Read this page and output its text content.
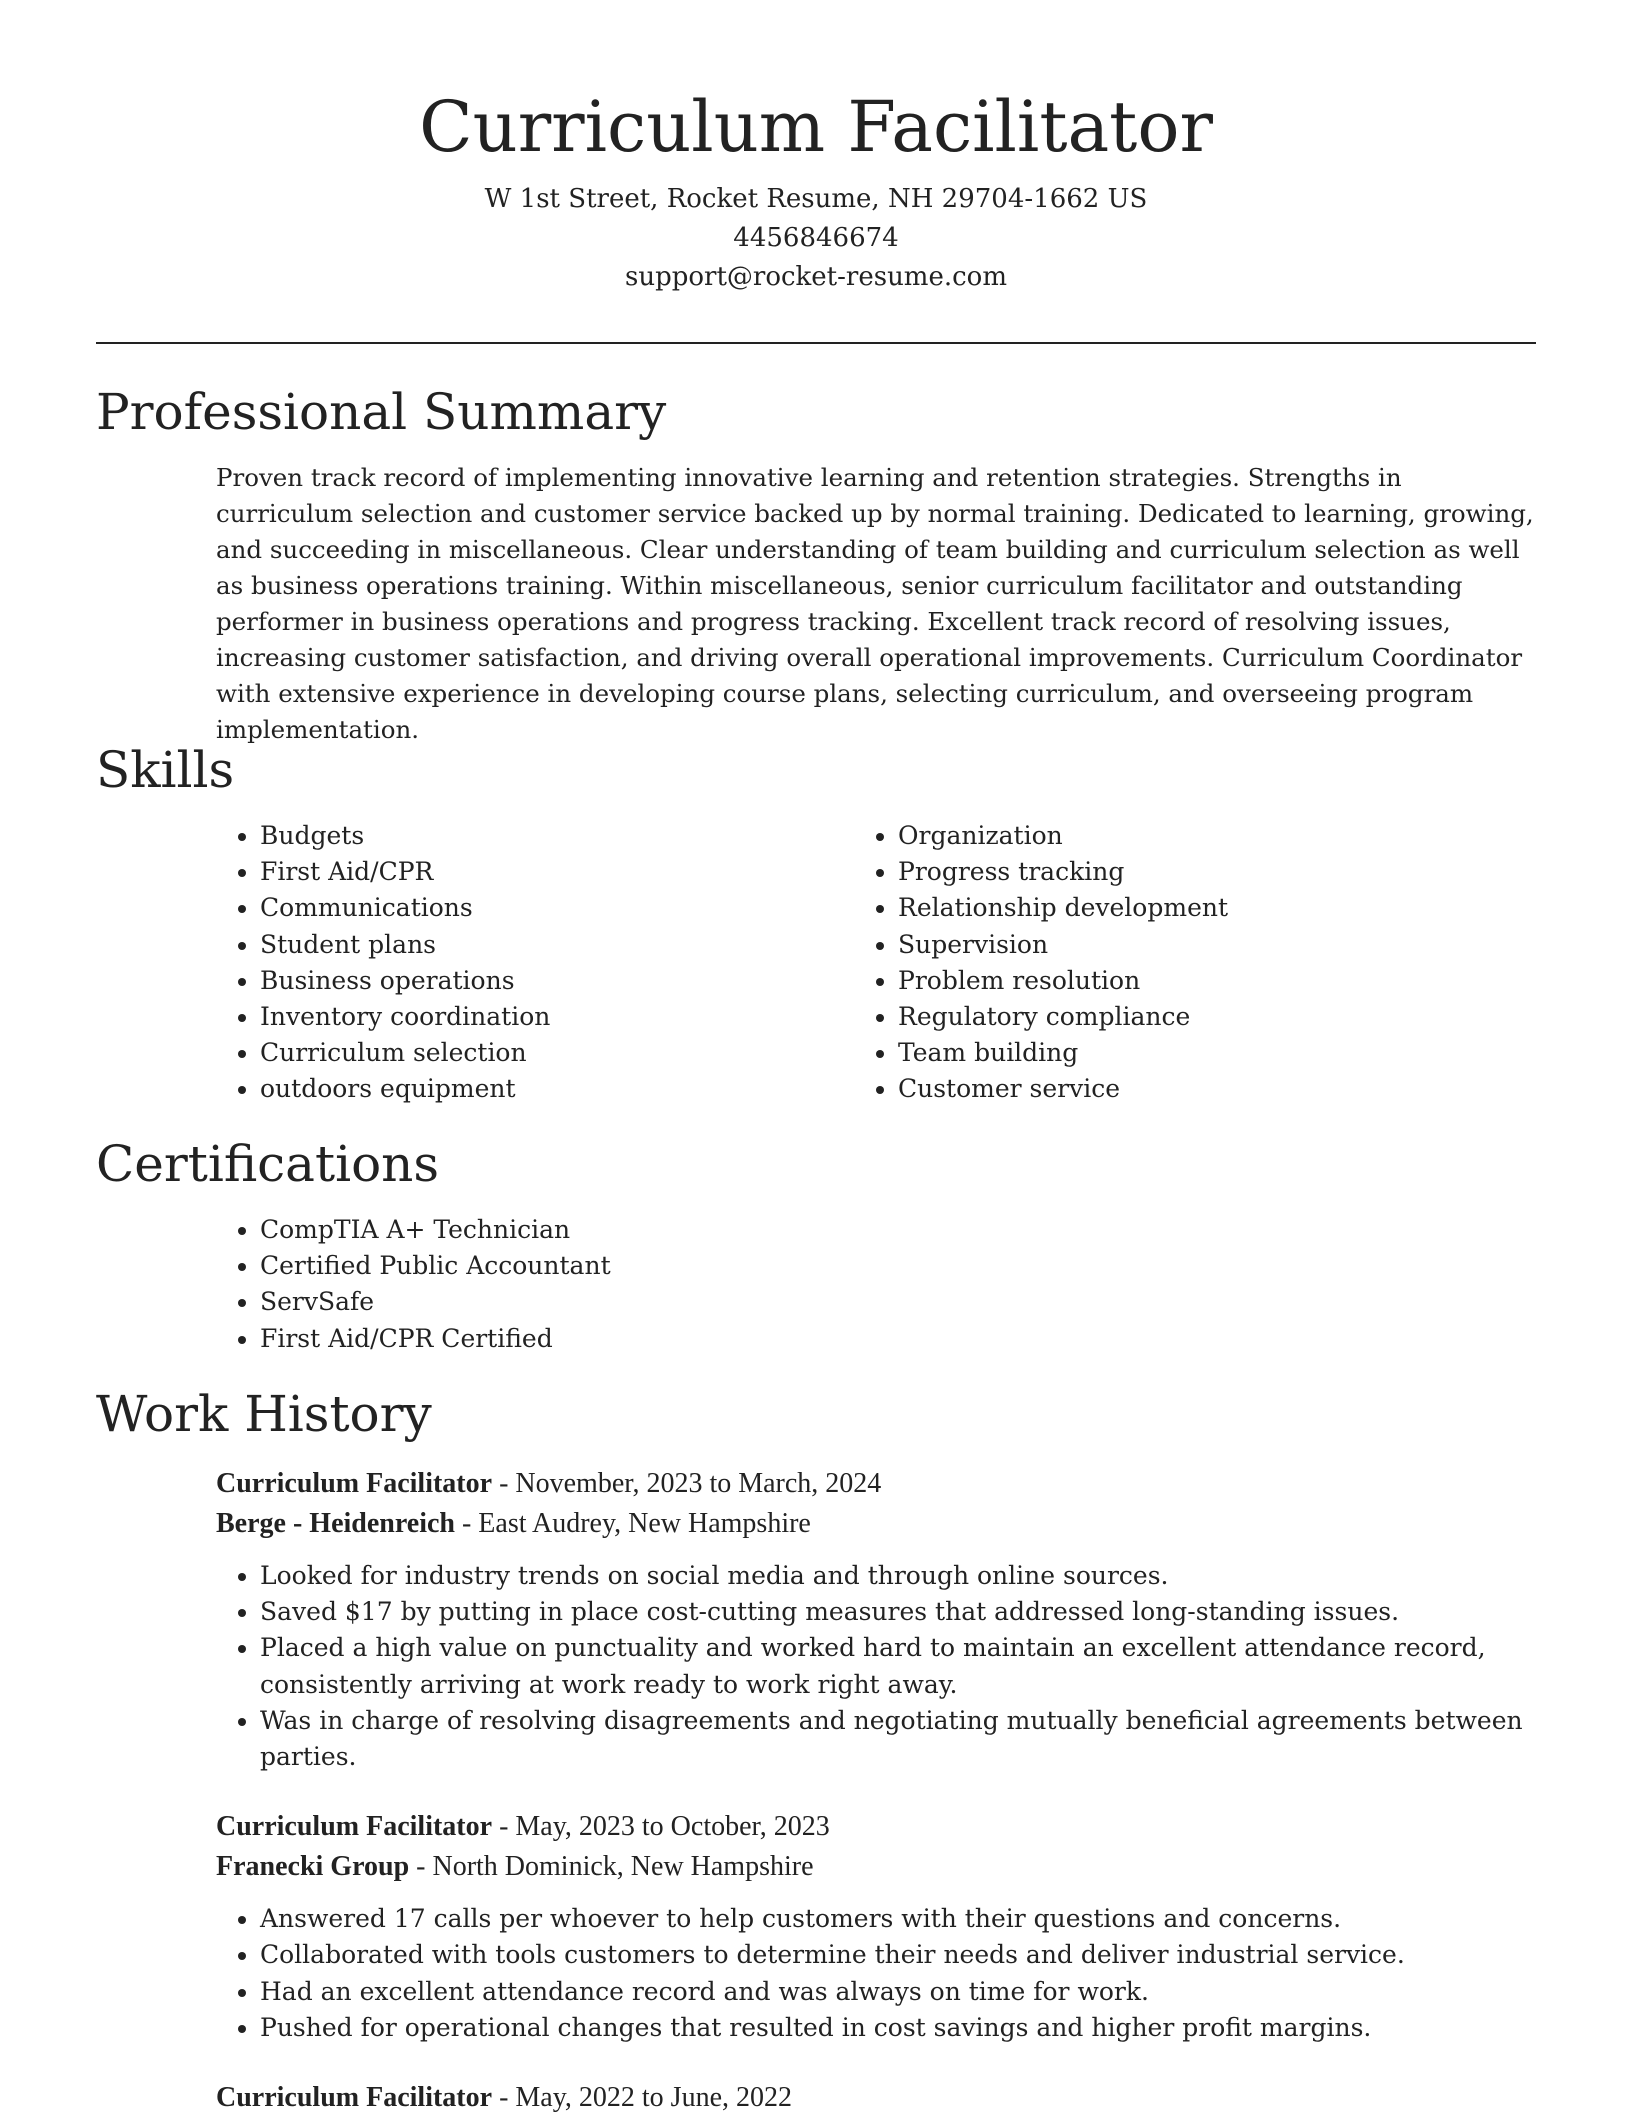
Curriculum Facilitator
W 1st Street, Rocket Resume, NH 29704-1662 US
4456846674
support@rocket-resume.com
Professional Summary

Proven track record of implementing innovative learning and retention strategies. Strengths in curriculum selection and customer service backed up by normal training. Dedicated to learning, growing, and succeeding in miscellaneous. Clear understanding of team building and curriculum selection as well as business operations training. Within miscellaneous, senior curriculum facilitator and outstanding performer in business operations and progress tracking. Excellent track record of resolving issues, increasing customer satisfaction, and driving overall operational improvements. Curriculum Coordinator with extensive experience in developing course plans, selecting curriculum, and overseeing program implementation.

Skills
• Budgets
• First Aid/CPR
• Communications
• Student plans
• Business operations
• Inventory coordination
• Curriculum selection
• outdoors equipment
• Organization
• Progress tracking
• Relationship development
• Supervision
• Problem resolution
• Regulatory compliance
• Team building
• Customer service
Certifications
• CompTIA A+ Technician
• Certified Public Accountant
• ServSafe
• First Aid/CPR Certified
Work History
Curriculum Facilitator - November, 2023 to March, 2024
Berge - Heidenreich - East Audrey, New Hampshire
• Looked for industry trends on social media and through online sources.
• Saved $17 by putting in place cost-cutting measures that addressed long-standing issues.
• Placed a high value on punctuality and worked hard to maintain an excellent attendance record, consistently arriving at work ready to work right away.
• Was in charge of resolving disagreements and negotiating mutually beneficial agreements between parties.
Curriculum Facilitator - May, 2023 to October, 2023
Franecki Group - North Dominick, New Hampshire
• Answered 17 calls per whoever to help customers with their questions and concerns.
• Collaborated with tools customers to determine their needs and deliver industrial service.
• Had an excellent attendance record and was always on time for work.
• Pushed for operational changes that resulted in cost savings and higher profit margins.
Curriculum Facilitator - May, 2022 to June, 2022
